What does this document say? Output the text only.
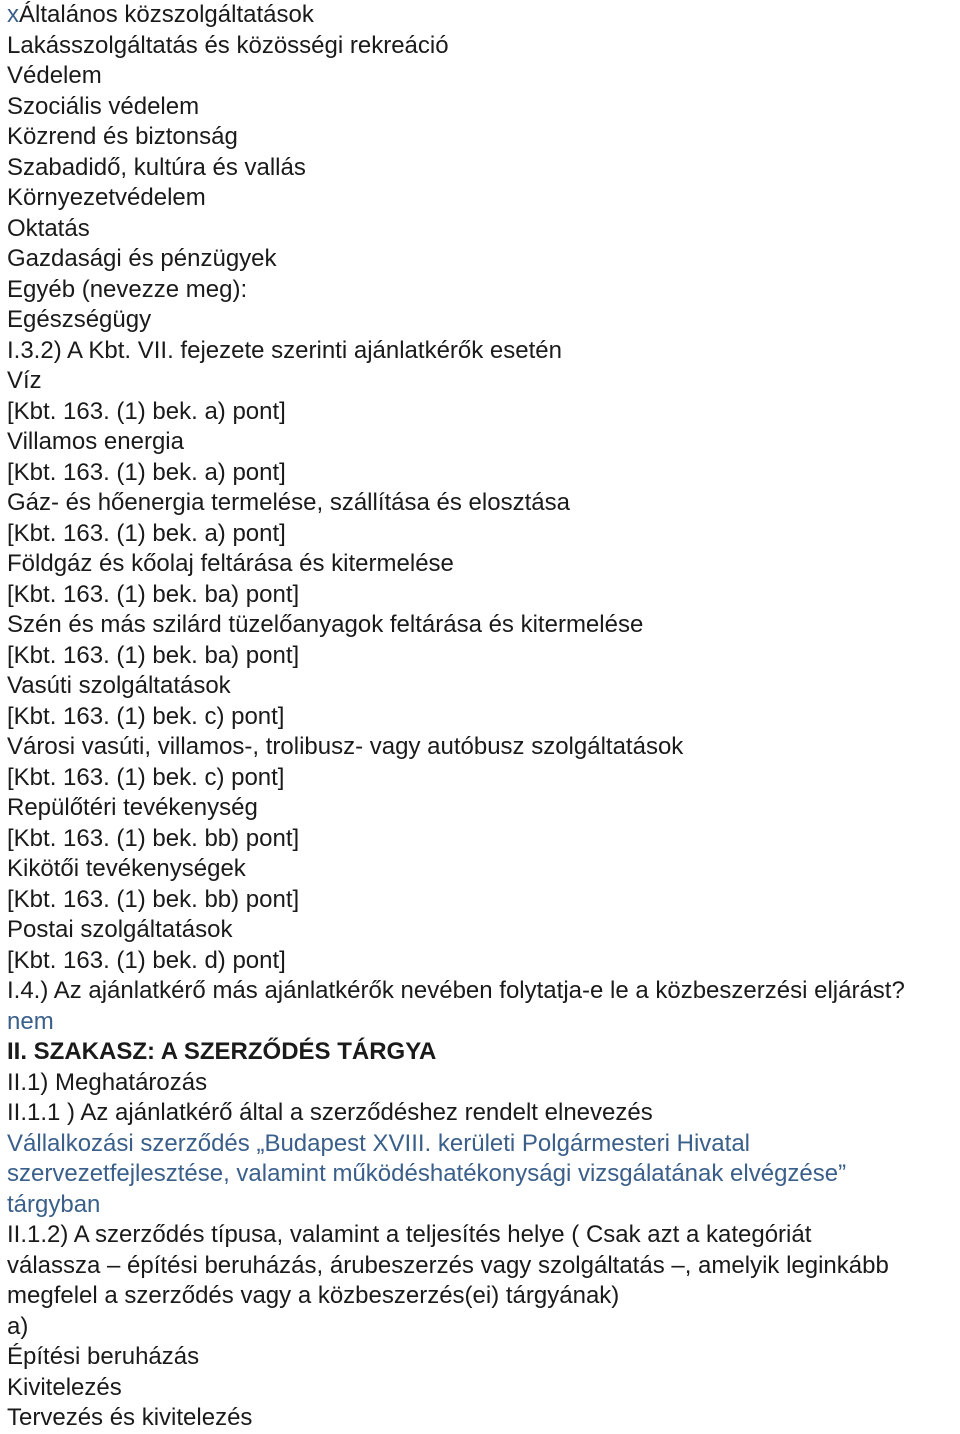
xÁltalános közszolgáltatások
Lakásszolgáltatás és közösségi rekreáció
Védelem
Szociális védelem
Közrend és biztonság
Szabadidő, kultúra és vallás
Környezetvédelem
Oktatás
Gazdasági és pénzügyek
Egyéb (nevezze meg):
Egészségügy
I.3.2) A Kbt. VII. fejezete szerinti ajánlatkérők esetén
Víz
[Kbt. 163. (1) bek. a) pont]
Villamos energia
[Kbt. 163. (1) bek. a) pont]
Gáz- és hőenergia termelése, szállítása és elosztása
[Kbt. 163. (1) bek. a) pont]
Földgáz és kőolaj feltárása és kitermelése
[Kbt. 163. (1) bek. ba) pont]
Szén és más szilárd tüzelőanyagok feltárása és kitermelése
[Kbt. 163. (1) bek. ba) pont]
Vasúti szolgáltatások
[Kbt. 163. (1) bek. c) pont]
Városi vasúti, villamos-, trolibusz- vagy autóbusz szolgáltatások
[Kbt. 163. (1) bek. c) pont]
Repülőtéri tevékenység
[Kbt. 163. (1) bek. bb) pont]
Kikötői tevékenységek
[Kbt. 163. (1) bek. bb) pont]
Postai szolgáltatások
[Kbt. 163. (1) bek. d) pont]
I.4.) Az ajánlatkérő más ajánlatkérők nevében folytatja-e le a közbeszerzési eljárást?
nem
II. SZAKASZ: A SZERZŐDÉS TÁRGYA
II.1) Meghatározás
II.1.1 ) Az ajánlatkérő által a szerződéshez rendelt elnevezés
Vállalkozási szerződés „Budapest XVIII. kerületi Polgármesteri Hivatal
szervezetfejlesztése, valamint működéshatékonysági vizsgálatának elvégzése”
tárgyban
II.1.2) A szerződés típusa, valamint a teljesítés helye ( Csak azt a kategóriát
válassza – építési beruházás, árubeszerzés vagy szolgáltatás –, amelyik leginkább
megfelel a szerződés vagy a közbeszerzés(ei) tárgyának)
a)
Építési beruházás
Kivitelezés
Tervezés és kivitelezés
